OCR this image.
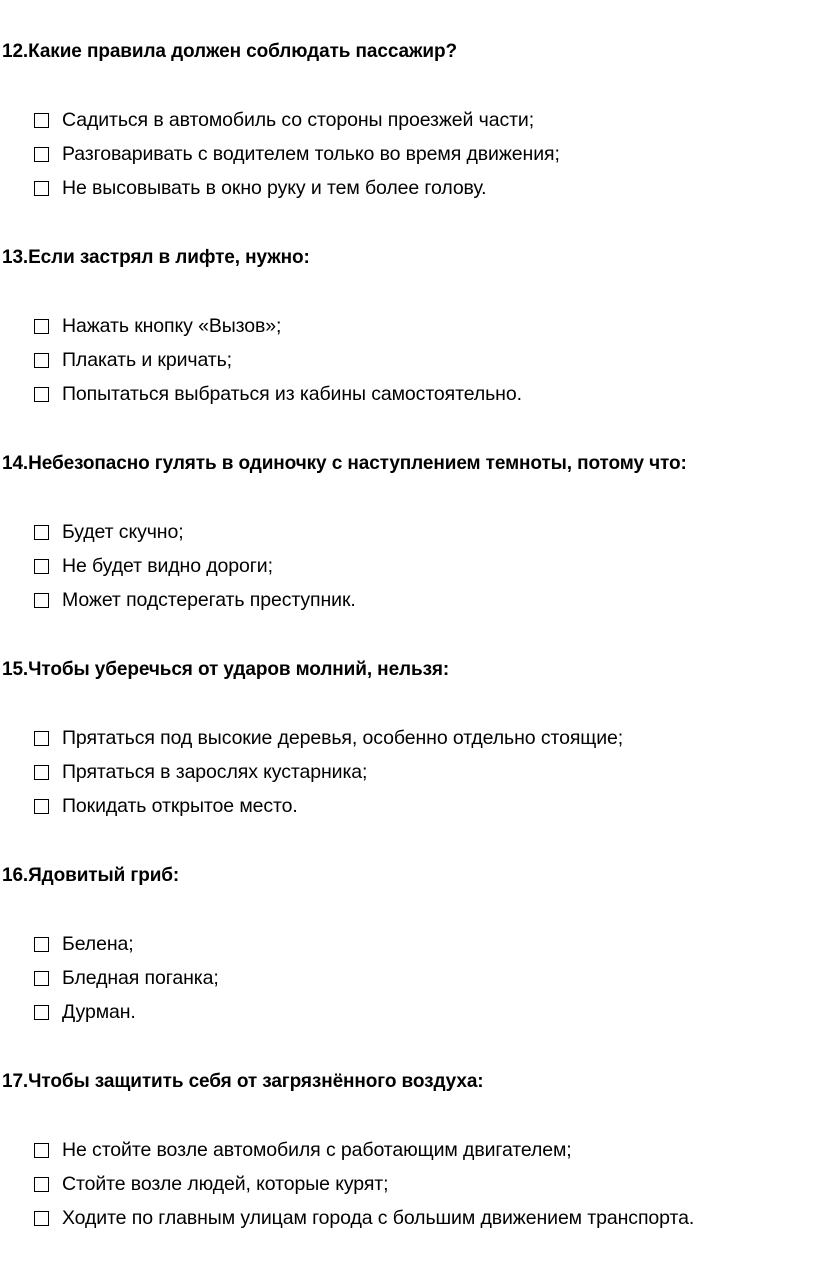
12.Какие правила должен соблюдать пассажир?
Садиться в автомобиль со стороны проезжей части;
Разговаривать с водителем только во время движения;
Не высовывать в окно руку и тем более голову.
13.Если застрял в лифте, нужно:
Нажать кнопку «Вызов»;
Плакать и кричать;
Попытаться выбраться из кабины самостоятельно.
14.Небезопасно гулять в одиночку с наступлением темноты, потому что:
Будет скучно;
Не будет видно дороги;
Может подстерегать преступник.
15.Чтобы уберечься от ударов молний, нельзя:
Прятаться под высокие деревья, особенно отдельно стоящие;
Прятаться в зарослях кустарника;
Покидать открытое место.
16.Ядовитый гриб:
Белена;
Бледная поганка;
Дурман.
17.Чтобы защитить себя от загрязнённого воздуха:
Не стойте возле автомобиля с работающим двигателем;
Стойте возле людей, которые курят;
Ходите по главным улицам города с большим движением транспорта.
